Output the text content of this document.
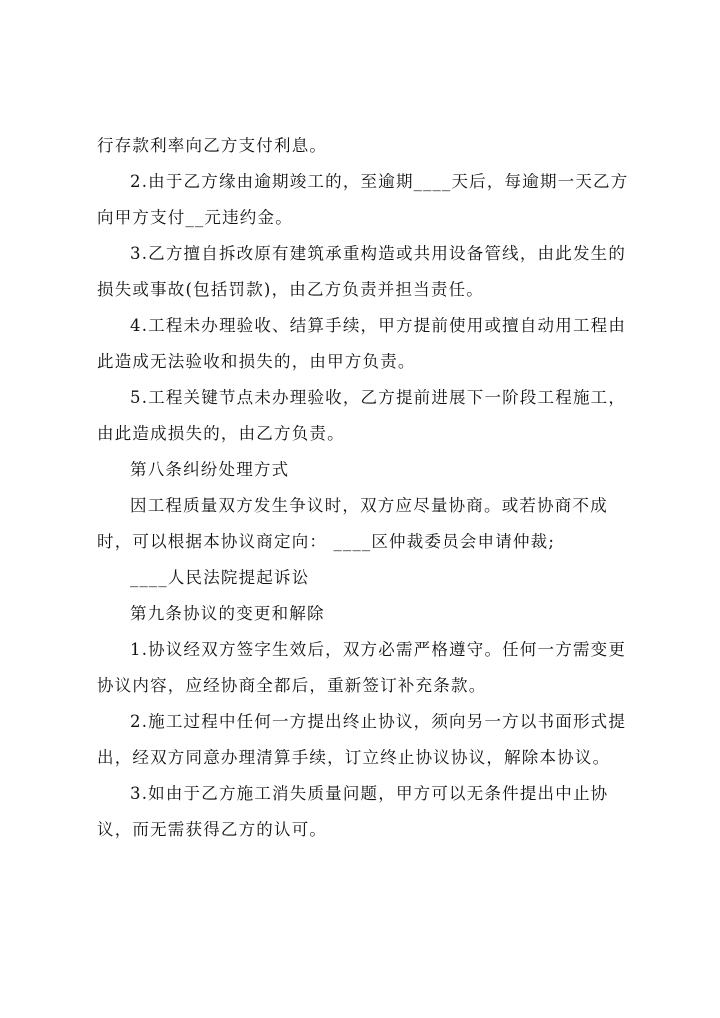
行存款利率向乙方支付利息。

2.由于乙方缘由逾期竣工的，至逾期____天后，每逾期一天乙方向甲方支付__元违约金。

3.乙方擅自拆改原有建筑承重构造或共用设备管线，由此发生的损失或事故(包括罚款)，由乙方负责并担当责任。

4.工程未办理验收、结算手续，甲方提前使用或擅自动用工程由此造成无法验收和损失的，由甲方负责。

5.工程关键节点未办理验收，乙方提前进展下一阶段工程施工，由此造成损失的，由乙方负责。

第八条纠纷处理方式

因工程质量双方发生争议时，双方应尽量协商。或若协商不成时，可以根据本协议商定向： ____区仲裁委员会申请仲裁;

____人民法院提起诉讼

第九条协议的变更和解除

1.协议经双方签字生效后，双方必需严格遵守。任何一方需变更协议内容，应经协商全都后，重新签订补充条款。

2.施工过程中任何一方提出终止协议，须向另一方以书面形式提出，经双方同意办理清算手续，订立终止协议协议，解除本协议。

3.如由于乙方施工消失质量问题，甲方可以无条件提出中止协议，而无需获得乙方的认可。
